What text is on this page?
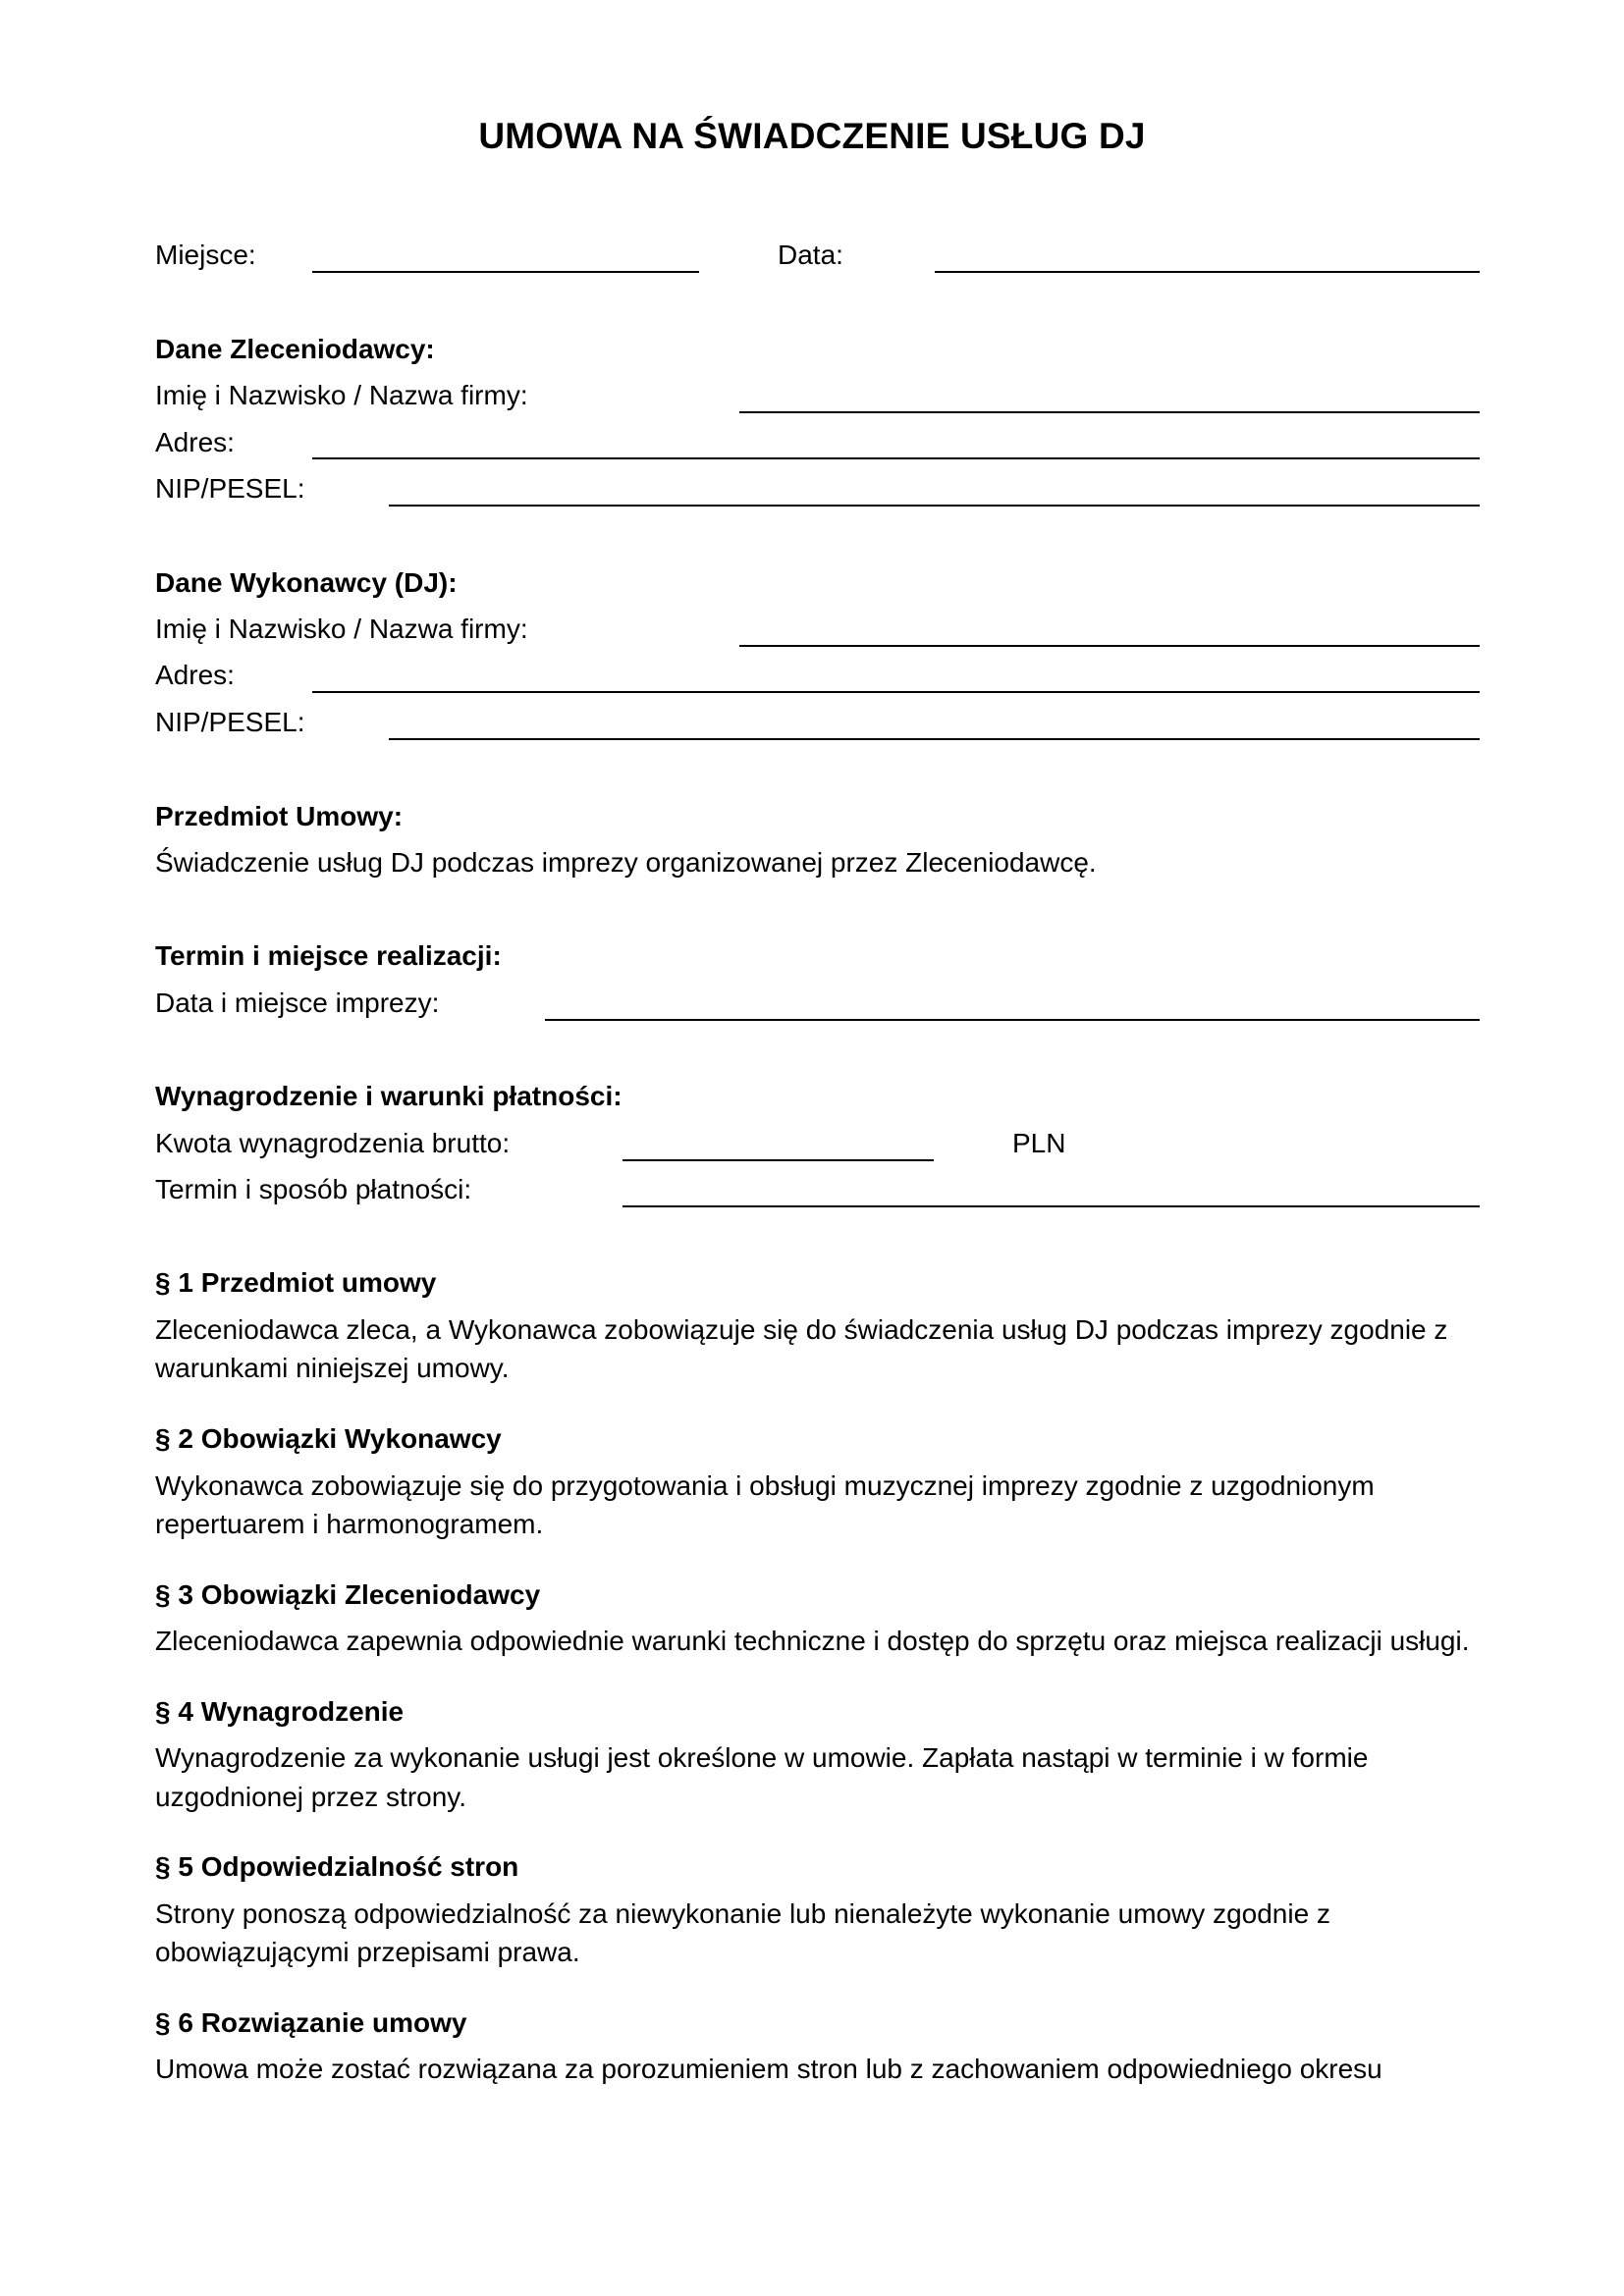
UMOWA NA ŚWIADCZENIE USŁUG DJ
Miejsce:	Data:
Dane Zleceniodawcy:
Imię i Nazwisko / Nazwa firmy:
Adres:
NIP/PESEL:
Dane Wykonawcy (DJ):
Imię i Nazwisko / Nazwa firmy:
Adres:
NIP/PESEL:
Przedmiot Umowy:
Świadczenie usług DJ podczas imprezy organizowanej przez Zleceniodawcę.
Termin i miejsce realizacji:
Data i miejsce imprezy:
Wynagrodzenie i warunki płatności:
Kwota wynagrodzenia brutto:	PLN
Termin i sposób płatności:
§ 1 Przedmiot umowy
Zleceniodawca zleca, a Wykonawca zobowiązuje się do świadczenia usług DJ podczas imprezy zgodnie z
warunkami niniejszej umowy.
§ 2 Obowiązki Wykonawcy
Wykonawca zobowiązuje się do przygotowania i obsługi muzycznej imprezy zgodnie z uzgodnionym
repertuarem i harmonogramem.
§ 3 Obowiązki Zleceniodawcy
Zleceniodawca zapewnia odpowiednie warunki techniczne i dostęp do sprzętu oraz miejsca realizacji usługi.
§ 4 Wynagrodzenie
Wynagrodzenie za wykonanie usługi jest określone w umowie. Zapłata nastąpi w terminie i w formie
uzgodnionej przez strony.
§ 5 Odpowiedzialność stron
Strony ponoszą odpowiedzialność za niewykonanie lub nienależyte wykonanie umowy zgodnie z
obowiązującymi przepisami prawa.
§ 6 Rozwiązanie umowy
Umowa może zostać rozwiązana za porozumieniem stron lub z zachowaniem odpowiedniego okresu
